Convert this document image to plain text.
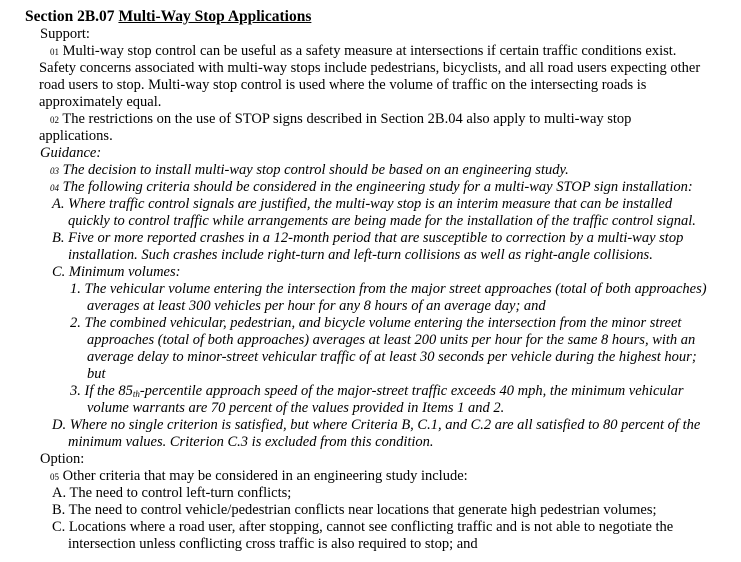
Section 2B.07 Multi-Way Stop Applications
Support:
01 Multi-way stop control can be useful as a safety measure at intersections if certain traffic conditions exist.
Safety concerns associated with multi-way stops include pedestrians, bicyclists, and all road users expecting other
road users to stop. Multi-way stop control is used where the volume of traffic on the intersecting roads is
approximately equal.
02 The restrictions on the use of STOP signs described in Section 2B.04 also apply to multi-way stop
applications.
Guidance:
03 The decision to install multi-way stop control should be based on an engineering study.
04 The following criteria should be considered in the engineering study for a multi-way STOP sign installation:
A. Where traffic control signals are justified, the multi-way stop is an interim measure that can be installed
quickly to control traffic while arrangements are being made for the installation of the traffic control signal.
B. Five or more reported crashes in a 12-month period that are susceptible to correction by a multi-way stop
installation. Such crashes include right-turn and left-turn collisions as well as right-angle collisions.
C. Minimum volumes:
1. The vehicular volume entering the intersection from the major street approaches (total of both approaches)
averages at least 300 vehicles per hour for any 8 hours of an average day; and
2. The combined vehicular, pedestrian, and bicycle volume entering the intersection from the minor street
approaches (total of both approaches) averages at least 200 units per hour for the same 8 hours, with an
average delay to minor-street vehicular traffic of at least 30 seconds per vehicle during the highest hour;
but
3. If the $85_{th}$-percentile approach speed of the major-street traffic exceeds 40 mph, the minimum vehicular
volume warrants are 70 percent of the values provided in Items 1 and 2.
D. Where no single criterion is satisfied, but where Criteria B, C.1, and C.2 are all satisfied to 80 percent of the
minimum values. Criterion C.3 is excluded from this condition.
Option:
05 Other criteria that may be considered in an engineering study include:
A. The need to control left-turn conflicts;
B. The need to control vehicle/pedestrian conflicts near locations that generate high pedestrian volumes;
C. Locations where a road user, after stopping, cannot see conflicting traffic and is not able to negotiate the
intersection unless conflicting cross traffic is also required to stop; and
